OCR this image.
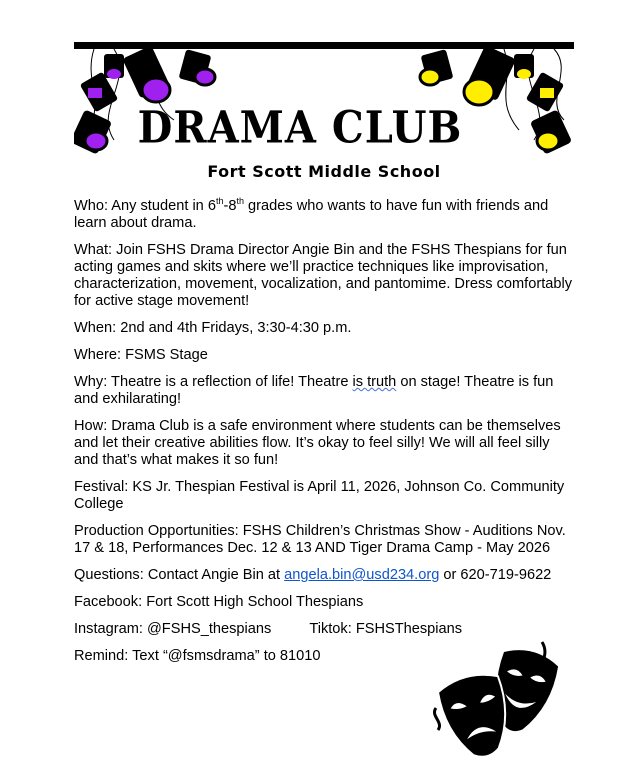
DRAMA CLUB
Fort Scott Middle School

Who: Any student in 6th-8th grades who wants to have fun with friends and learn about drama.

What: Join FSHS Drama Director Angie Bin and the FSHS Thespians for fun acting games and skits where we’ll practice techniques like improvisation, characterization, movement, vocalization, and pantomime. Dress comfortably for active stage movement!

When: 2nd and 4th Fridays, 3:30-4:30 p.m.

Where: FSMS Stage

Why: Theatre is a reflection of life! Theatre is truth on stage! Theatre is fun and exhilarating!

How: Drama Club is a safe environment where students can be themselves and let their creative abilities flow. It’s okay to feel silly! We will all feel silly and that’s what makes it so fun!

Festival: KS Jr. Thespian Festival is April 11, 2026, Johnson Co. Community College

Production Opportunities: FSHS Children’s Christmas Show - Auditions Nov. 17 & 18, Performances Dec. 12 & 13 AND Tiger Drama Camp - May 2026

Questions: Contact Angie Bin at angela.bin@usd234.org or 620-719-9622

Facebook: Fort Scott High School Thespians

Instagram: @FSHS_thespians	Tiktok: FSHSThespians

Remind: Text “@fsmsdrama” to 81010
